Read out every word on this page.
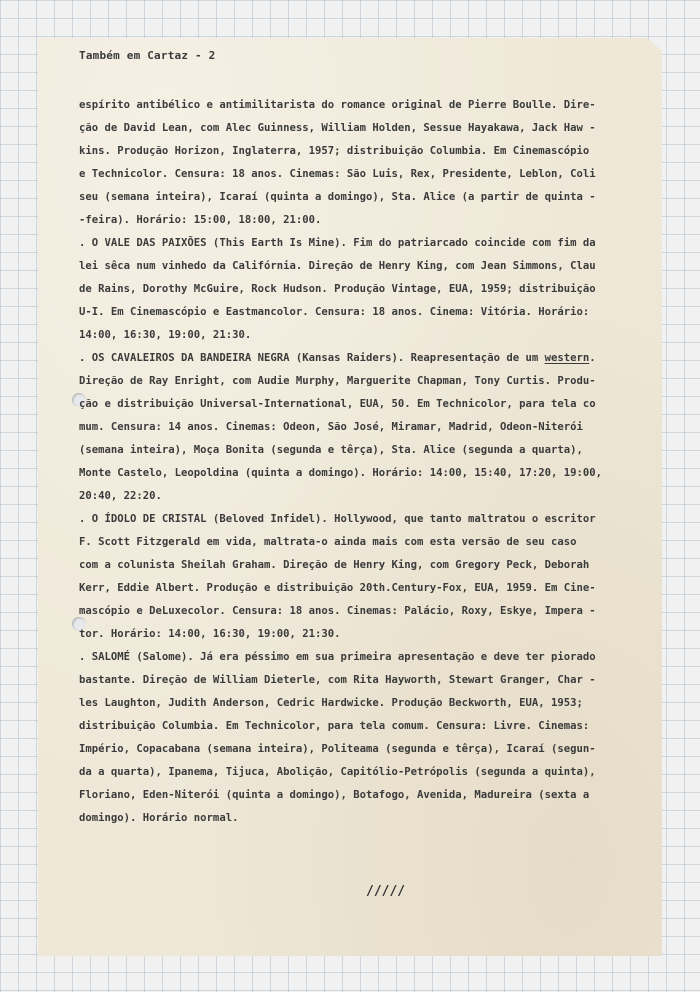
Também em Cartaz - 2
espírito antibélico e antimilitarista do romance original de Pierre Boulle. Dire-
ção de David Lean, com Alec Guinness, William Holden, Sessue Hayakawa, Jack Haw -
kins. Produção Horizon, Inglaterra, 1957; distribuição Columbia. Em Cinemascópio
e Technicolor. Censura: 18 anos. Cinemas: São Luis, Rex, Presidente, Leblon, Coli
seu (semana inteira), Icaraí (quinta a domingo), Sta. Alice (a partir de quinta -
-feira). Horário: 15:00, 18:00, 21:00.
. O VALE DAS PAIXÕES (This Earth Is Mine). Fim do patriarcado coincide com fim da
lei sêca num vinhedo da Califórnia. Direção de Henry King, com Jean Simmons, Clau
de Rains, Dorothy McGuire, Rock Hudson. Produção Vintage, EUA, 1959; distribuição
U-I. Em Cinemascópio e Eastmancolor. Censura: 18 anos. Cinema: Vitória. Horário:
14:00, 16:30, 19:00, 21:30.
. OS CAVALEIROS DA BANDEIRA NEGRA (Kansas Raiders). Reapresentação de um western.
Direção de Ray Enright, com Audie Murphy, Marguerite Chapman, Tony Curtis. Produ-
ção e distribuição Universal-International, EUA, 50. Em Technicolor, para tela co
mum. Censura: 14 anos. Cinemas: Odeon, São José, Miramar, Madrid, Odeon-Niterói
(semana inteira), Moça Bonita (segunda e têrça), Sta. Alice (segunda a quarta),
Monte Castelo, Leopoldina (quinta a domingo). Horário: 14:00, 15:40, 17:20, 19:00,
20:40, 22:20.
. O ÍDOLO DE CRISTAL (Beloved Infidel). Hollywood, que tanto maltratou o escritor
F. Scott Fitzgerald em vida, maltrata-o ainda mais com esta versão de seu caso
com a colunista Sheilah Graham. Direção de Henry King, com Gregory Peck, Deborah
Kerr, Eddie Albert. Produção e distribuição 20th.Century-Fox, EUA, 1959. Em Cine-
mascópio e DeLuxecolor. Censura: 18 anos. Cinemas: Palácio, Roxy, Eskye, Impera -
tor. Horário: 14:00, 16:30, 19:00, 21:30.
. SALOMÉ (Salome). Já era péssimo em sua primeira apresentação e deve ter piorado
bastante. Direção de William Dieterle, com Rita Hayworth, Stewart Granger, Char -
les Laughton, Judith Anderson, Cedric Hardwicke. Produção Beckworth, EUA, 1953;
distribuição Columbia. Em Technicolor, para tela comum. Censura: Livre. Cinemas:
Império, Copacabana (semana inteira), Politeama (segunda e têrça), Icaraí (segun-
da a quarta), Ipanema, Tijuca, Abolição, Capitólio-Petrópolis (segunda a quinta),
Floriano, Eden-Niterói (quinta a domingo), Botafogo, Avenida, Madureira (sexta a
domingo). Horário normal.
/////
